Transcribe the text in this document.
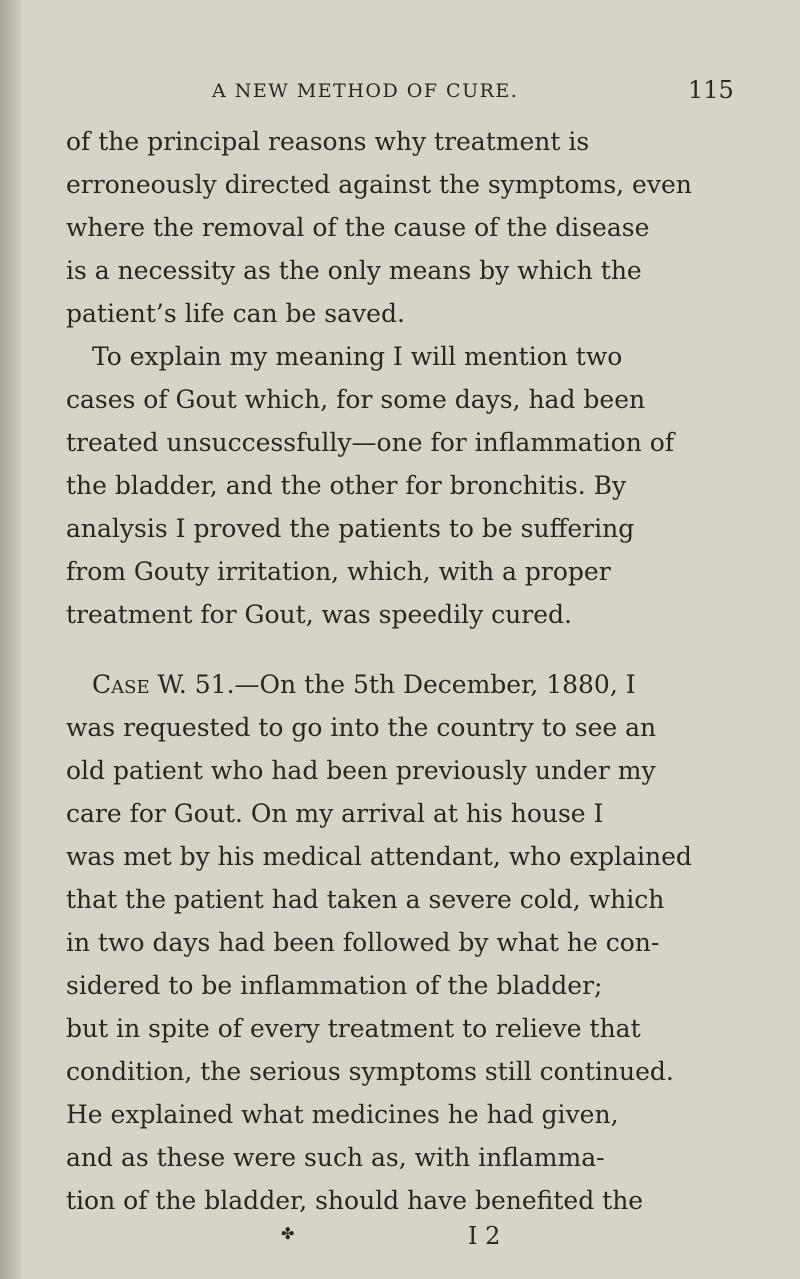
A NEW METHOD OF CURE.	115
of the principal reasons why treatment is
erroneously directed against the symptoms, even
where the removal of the cause of the disease
is a necessity as the only means by which the
patient’s life can be saved.
To explain my meaning I will mention two
cases of Gout which, for some days, had been
treated unsuccessfully—one for inflammation of
the bladder, and the other for bronchitis. By
analysis I proved the patients to be suffering
from Gouty irritation, which, with a proper
treatment for Gout, was speedily cured.
Case W. 51.—On the 5th December, 1880, I
was requested to go into the country to see an
old patient who had been previously under my
care for Gout. On my arrival at his house I
was met by his medical attendant, who explained
that the patient had taken a severe cold, which
in two days had been followed by what he con-
sidered to be inflammation of the bladder;
but in spite of every treatment to relieve that
condition, the serious symptoms still continued.
He explained what medicines he had given,
and as these were such as, with inflamma-
tion of the bladder, should have benefited the
✤	I 2
